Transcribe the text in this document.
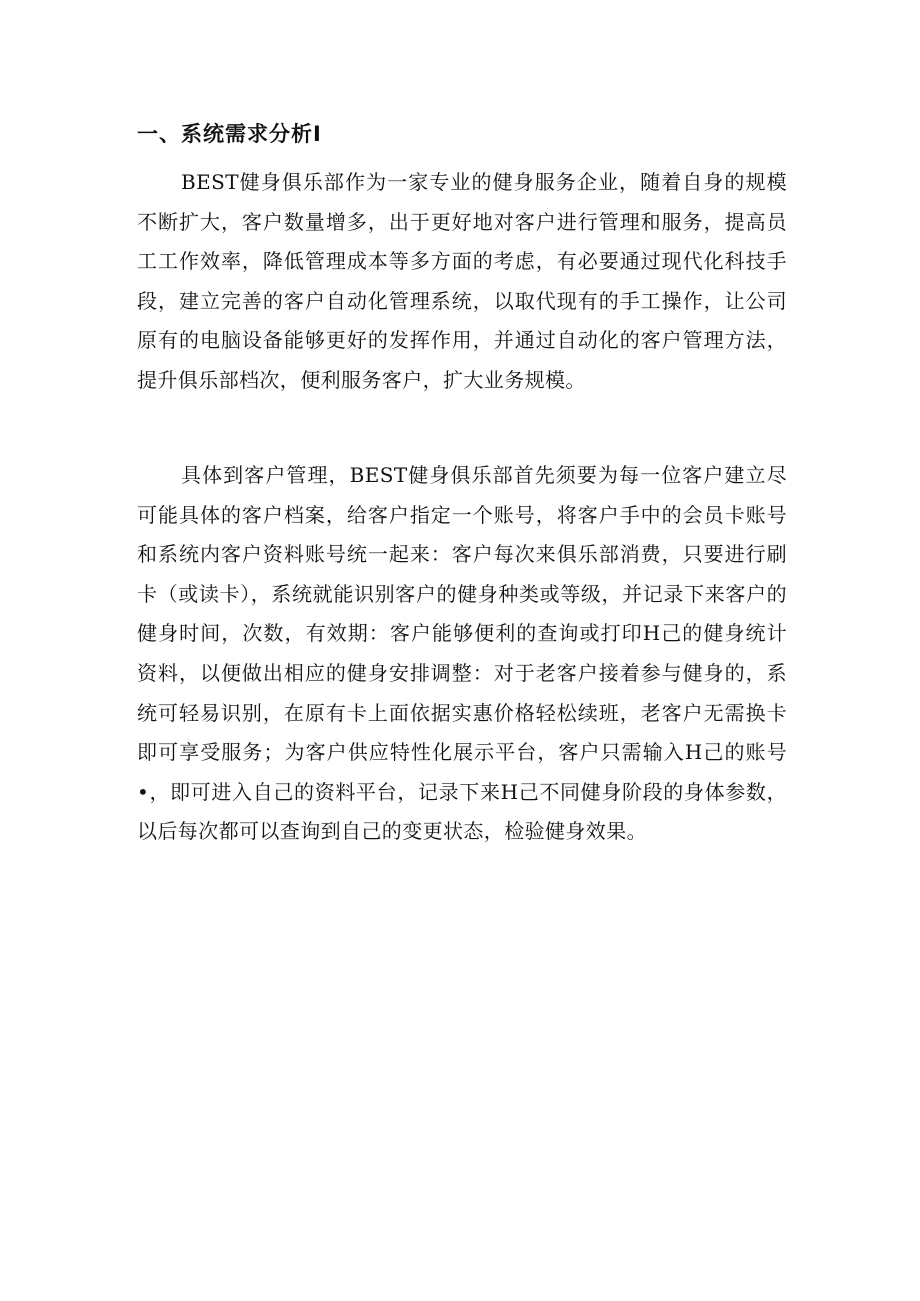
一、系统需求分析I

BEST健身俱乐部作为一家专业的健身服务企业，随着自身的规模不断扩大，客户数量增多，出于更好地对客户进行管理和服务，提高员工工作效率，降低管理成本等多方面的考虑，有必要通过现代化科技手段，建立完善的客户自动化管理系统，以取代现有的手工操作，让公司原有的电脑设备能够更好的发挥作用，并通过自动化的客户管理方法，提升俱乐部档次，便利服务客户，扩大业务规模。

具体到客户管理，BEST健身俱乐部首先须要为每一位客户建立尽可能具体的客户档案，给客户指定一个账号，将客户手中的会员卡账号和系统内客户资料账号统一起来：客户每次来俱乐部消费，只要进行刷卡（或读卡），系统就能识别客户的健身种类或等级，并记录下来客户的健身时间，次数，有效期：客户能够便利的查询或打印H己的健身统计资料，以便做出相应的健身安排调整：对于老客户接着参与健身的，系统可轻易识别，在原有卡上面依据实惠价格轻松续班，老客户无需换卡即可享受服务；为客户供应特性化展示平台，客户只需输入H己的账号•，即可进入自己的资料平台，记录下来H己不同健身阶段的身体参数，以后每次都可以查询到自己的变更状态，检验健身效果。
